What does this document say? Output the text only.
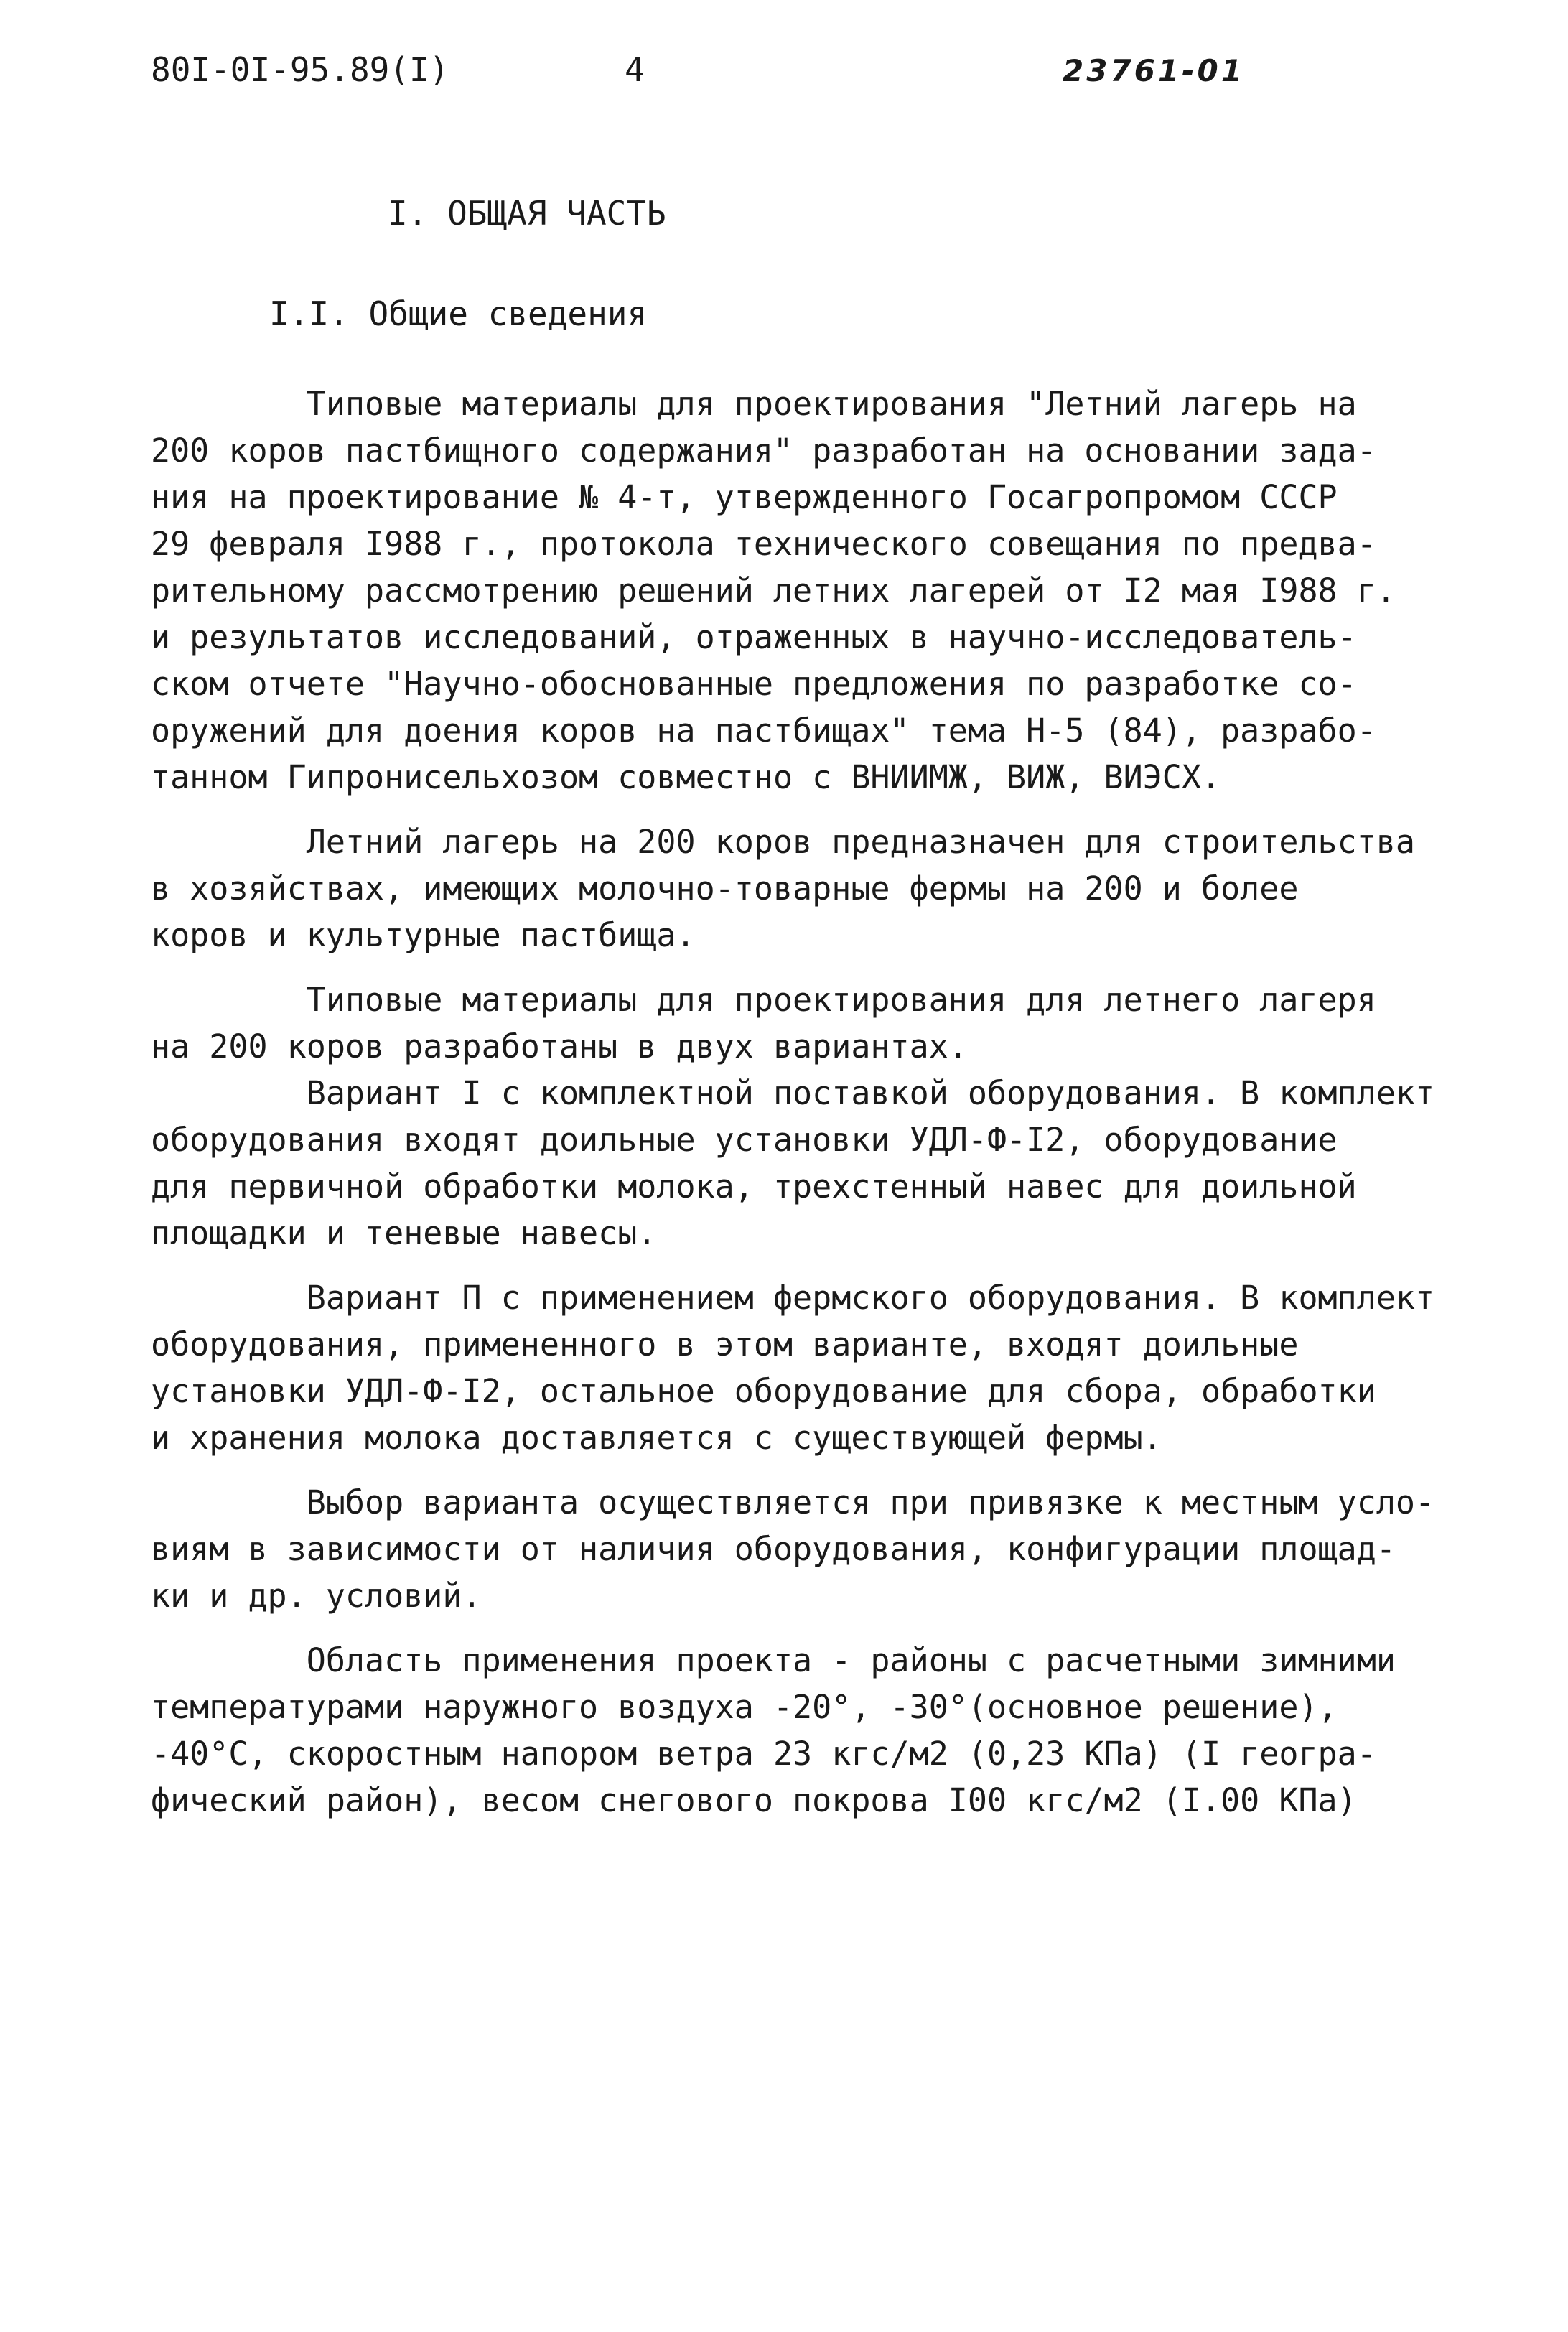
80I-0I-95.89(I)	4	23761-01
I. ОБЩАЯ ЧАСТЬ
I.I. Общие сведения
Типовые материалы для проектирования "Летний лагерь на
200 коров пастбищного содержания" разработан на основании зада-
ния на проектирование № 4-т, утвержденного Госагропромом СССР
29 февраля I988 г., протокола технического совещания по предва-
рительному рассмотрению решений летних лагерей от I2 мая I988 г.
и результатов исследований, отраженных в научно-исследователь-
ском отчете "Научно-обоснованные предложения по разработке со-
оружений для доения коров на пастбищах" тема Н-5 (84), разрабо-
танном Гипронисельхозом совместно с ВНИИМЖ, ВИЖ, ВИЭСХ.
Летний лагерь на 200 коров предназначен для строительства
в хозяйствах, имеющих молочно-товарные фермы на 200 и более
коров и культурные пастбища.
Типовые материалы для проектирования для летнего лагеря
на 200 коров разработаны в двух вариантах.
Вариант I с комплектной поставкой оборудования. В комплект
оборудования входят доильные установки УДЛ-Ф-I2, оборудование
для первичной обработки молока, трехстенный навес для доильной
площадки и теневые навесы.
Вариант П с применением фермского оборудования. В комплект
оборудования, примененного в этом варианте, входят доильные
установки УДЛ-Ф-I2, остальное оборудование для сбора, обработки
и хранения молока доставляется с существующей фермы.
Выбор варианта осуществляется при привязке к местным усло-
виям в зависимости от наличия оборудования, конфигурации площад-
ки и др. условий.
Область применения проекта - районы с расчетными зимними
температурами наружного воздуха -20°, -30°(основное решение),
-40°С, скоростным напором ветра 23 кгс/м2 (0,23 КПа) (I геогра-
фический район), весом снегового покрова I00 кгс/м2 (I.00 КПа)
